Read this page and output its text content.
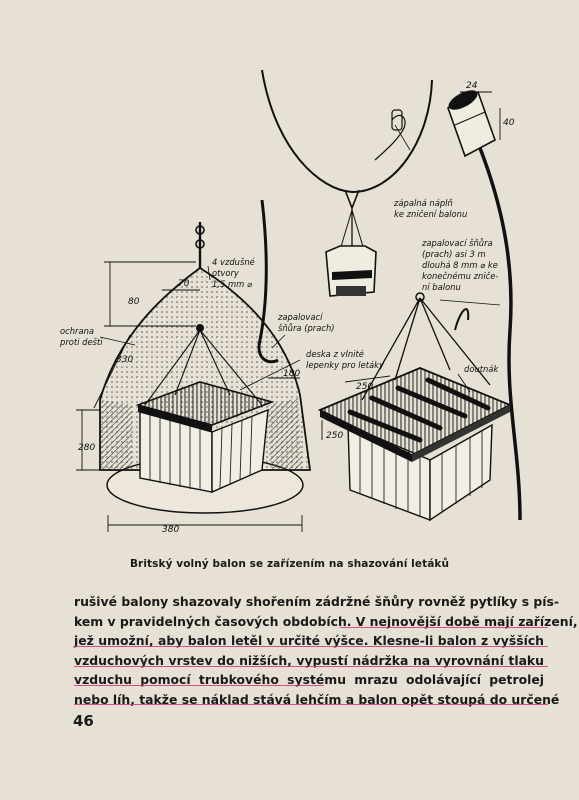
70
80
330
280
380
180
4 vzdušné otvory 1,5 mm ⌀
ochrana proti dešti
zapalovací šňůra (prach)
deska z vlnité lepenky pro letáky
zápalná náplň ke zničení balonu
24
40
zapalovací šňůra (prach) asi 3 m dlouhá 8 mm ⌀ ke konečnému zniče- ní balonu
250
250
doutnák
Britský volný balon se zařízením na shazování letáků
rušivé balony shazovaly shořením zádržné šňůry rovněž pytlíky s pís-
kem v pravidelných časových obdobích. V nejnovější době mají zařízení,
jež umožní, aby balon letěl v určité výšce. Klesne-li balon z vyšších
vzduchových vrstev do nižších, vypustí nádržka na vyrovnání tlaku
vzduchu pomocí trubkového systému mrazu odolávající petrolej
nebo líh, takže se náklad stává lehčím a balon opět stoupá do určené
46
